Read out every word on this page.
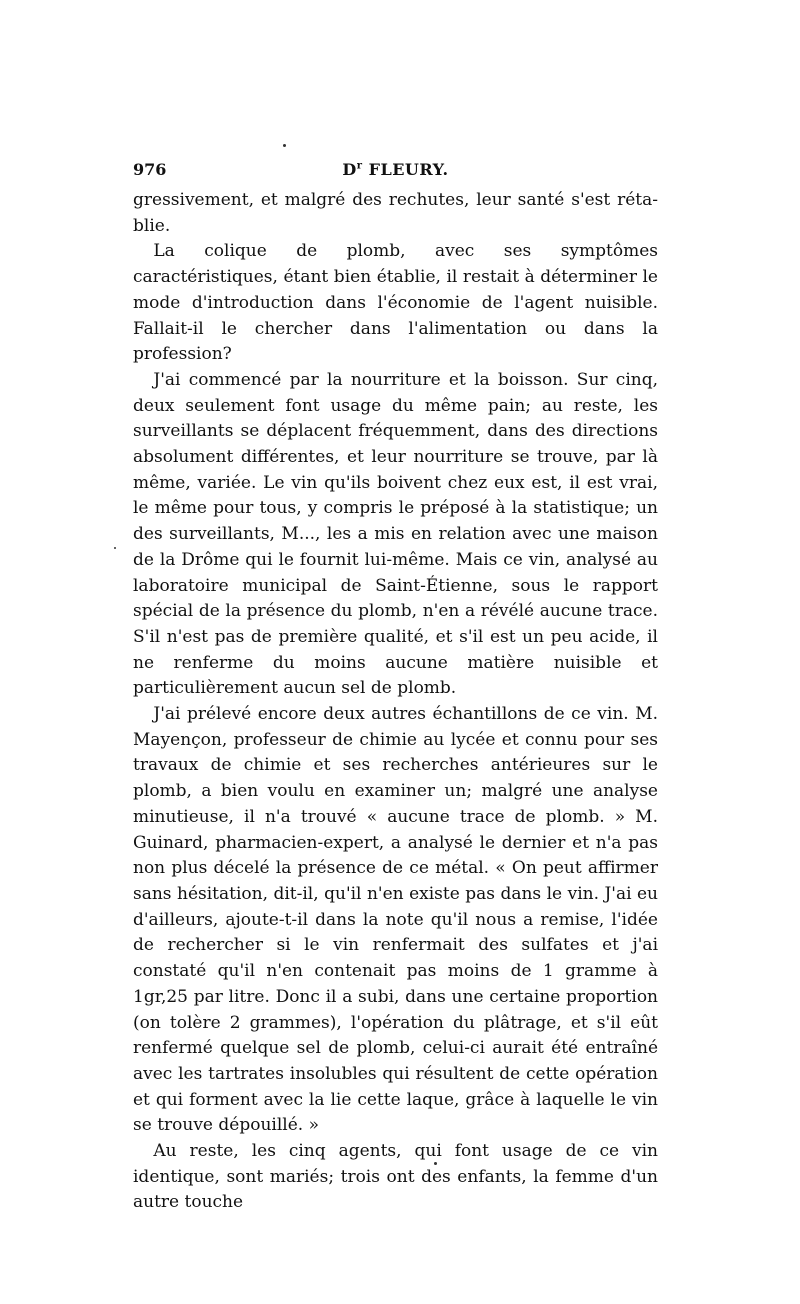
976	$D^r$ FLEURY.

gressivement, et malgré des rechutes, leur santé s'est réta-blie.

La colique de plomb, avec ses symptômes caractéristiques, étant bien établie, il restait à déterminer le mode d'introduction dans l'économie de l'agent nuisible. Fallait-il le chercher dans l'alimentation ou dans la profession?

J'ai commencé par la nourriture et la boisson. Sur cinq, deux seulement font usage du même pain; au reste, les surveillants se déplacent fréquemment, dans des directions absolument différentes, et leur nourriture se trouve, par là même, variée. Le vin qu'ils boivent chez eux est, il est vrai, le même pour tous, y compris le préposé à la statistique; un des surveillants, M..., les a mis en relation avec une maison de la Drôme qui le fournit lui-même. Mais ce vin, analysé au laboratoire municipal de Saint-Étienne, sous le rapport spécial de la présence du plomb, n'en a révélé aucune trace. S'il n'est pas de première qualité, et s'il est un peu acide, il ne renferme du moins aucune matière nuisible et particulièrement aucun sel de plomb.

J'ai prélevé encore deux autres échantillons de ce vin. M. Mayençon, professeur de chimie au lycée et connu pour ses travaux de chimie et ses recherches antérieures sur le plomb, a bien voulu en examiner un; malgré une analyse minutieuse, il n'a trouvé « aucune trace de plomb. » M. Guinard, pharmacien-expert, a analysé le dernier et n'a pas non plus décelé la présence de ce métal. « On peut affirmer sans hésitation, dit-il, qu'il n'en existe pas dans le vin. J'ai eu d'ailleurs, ajoute-t-il dans la note qu'il nous a remise, l'idée de rechercher si le vin renfermait des sulfates et j'ai constaté qu'il n'en contenait pas moins de 1 gramme à 1gr,25 par litre. Donc il a subi, dans une certaine proportion (on tolère 2 grammes), l'opération du plâtrage, et s'il eût renfermé quelque sel de plomb, celui-ci aurait été entraîné avec les tartrates insolubles qui résultent de cette opération et qui forment avec la lie cette laque, grâce à laquelle le vin se trouve dépouillé. »

Au reste, les cinq agents, qui font usage de ce vin identique, sont mariés; trois ont des enfants, la femme d'un autre touche
